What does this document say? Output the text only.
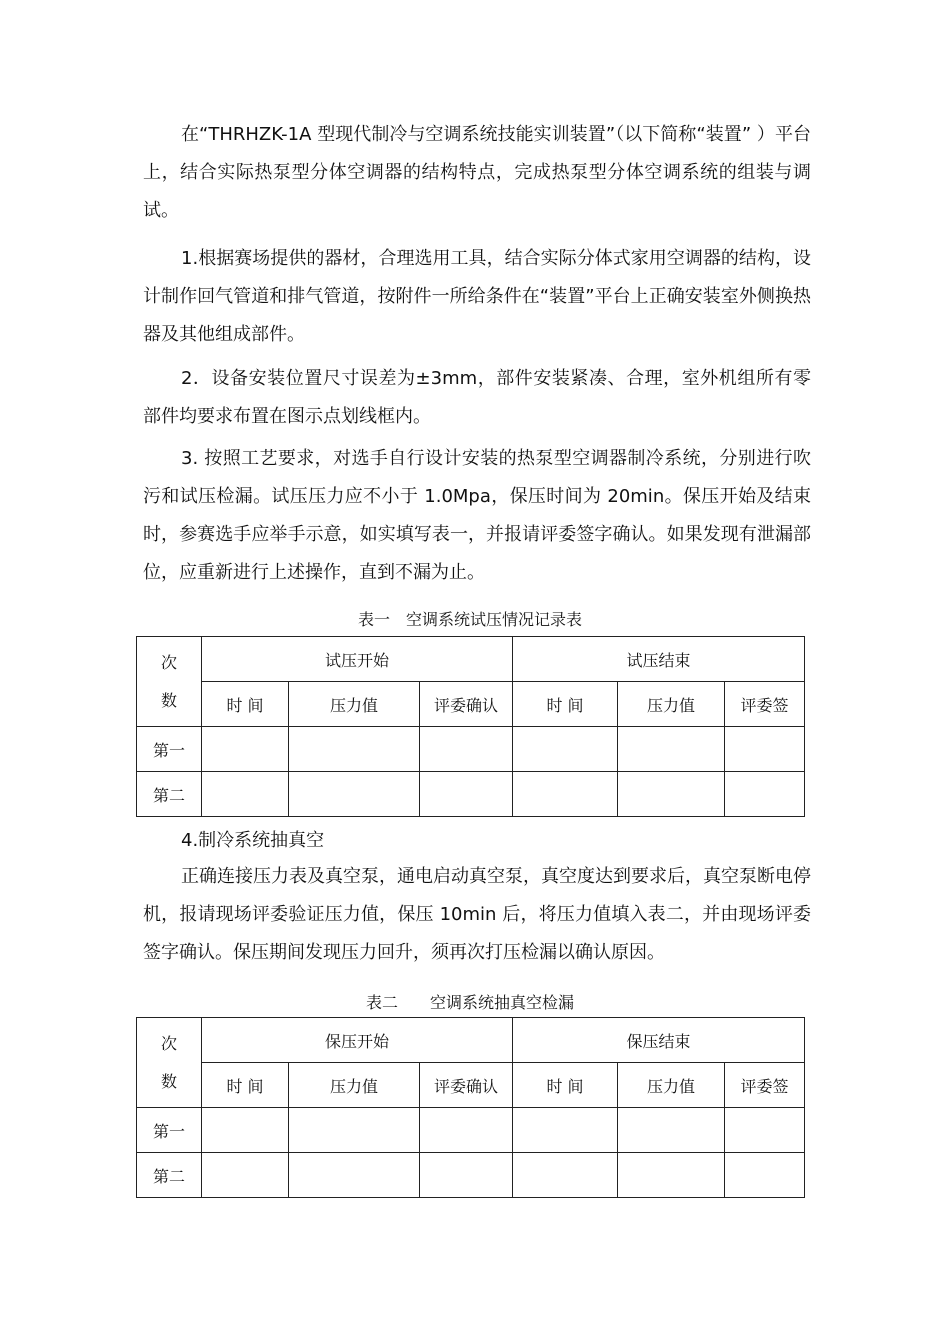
在“THRHZK-1A 型现代制冷与空调系统技能实训装置”（以下简称“装置” ）平台上，结合实际热泵型分体空调器的结构特点，完成热泵型分体空调系统的组装与调试。

1.根据赛场提供的器材，合理选用工具，结合实际分体式家用空调器的结构，设计制作回气管道和排气管道，按附件一所给条件在“装置”平台上正确安装室外侧换热器及其他组成部件。

2．设备安装位置尺寸误差为±3mm，部件安装紧凑、合理，室外机组所有零部件均要求布置在图示点划线框内。

3. 按照工艺要求，对选手自行设计安装的热泵型空调器制冷系统，分别进行吹污和试压检漏。试压压力应不小于 1.0Mpa，保压时间为 20min。保压开始及结束时，参赛选手应举手示意，如实填写表一，并报请评委签字确认。如果发现有泄漏部位，应重新进行上述操作，直到不漏为止。

表一　空调系统试压情况记录表

次
数	试压开始			试压结束		
	时 间	压力值	评委确认	时 间	压力值	评委签
第一						
第二						

4.制冷系统抽真空

正确连接压力表及真空泵，通电启动真空泵，真空度达到要求后，真空泵断电停机，报请现场评委验证压力值，保压 10min 后，将压力值填入表二，并由现场评委签字确认。保压期间发现压力回升，须再次打压检漏以确认原因。

表二　　空调系统抽真空检漏

次
数	保压开始			保压结束		
	时 间	压力值	评委确认	时 间	压力值	评委签
第一						
第二						
